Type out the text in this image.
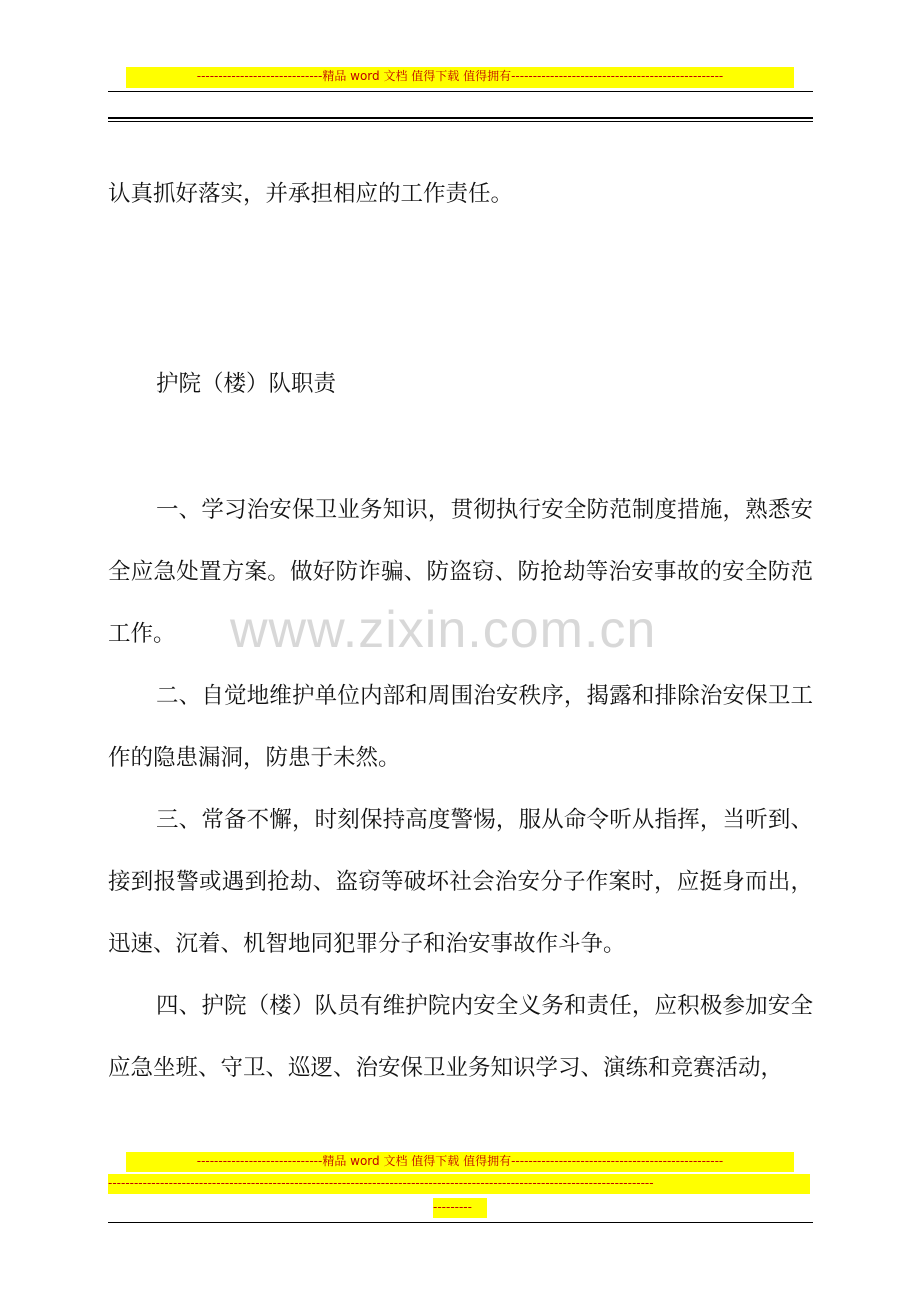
-----------------------------精品 word 文档 值得下载 值得拥有-------------------------------------------------

认真抓好落实，并承担相应的工作责任。

护院（楼）队职责

一、学习治安保卫业务知识，贯彻执行安全防范制度措施，熟悉安全应急处置方案。做好防诈骗、防盗窃、防抢劫等治安事故的安全防范工作。

二、自觉地维护单位内部和周围治安秩序，揭露和排除治安保卫工作的隐患漏洞，防患于未然。

三、常备不懈，时刻保持高度警惕，服从命令听从指挥，当听到、接到报警或遇到抢劫、盗窃等破坏社会治安分子作案时，应挺身而出，迅速、沉着、机智地同犯罪分子和治安事故作斗争。

四、护院（楼）队员有维护院内安全义务和责任，应积极参加安全应急坐班、守卫、巡逻、治安保卫业务知识学习、演练和竞赛活动，

www.zixin.com.cn
-----------------------------精品 word 文档 值得下载 值得拥有-------------------------------------------------
------------------------------------------------------------------------------------------------------------------------------
---------
